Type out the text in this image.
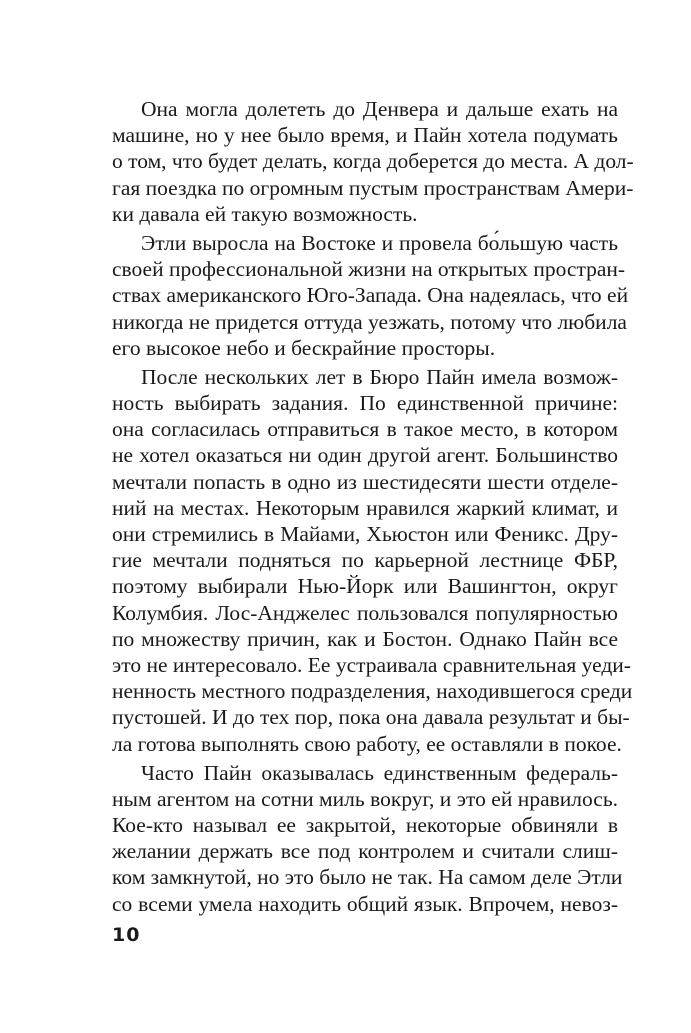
Она могла долететь до Денвера и дальше ехать на
машине, но у нее было время, и Пайн хотела подумать
о том, что будет делать, когда доберется до места. А дол-
гая поездка по огромным пустым пространствам Амери-
ки давала ей такую возможность.
Этли выросла на Востоке и провела бо́льшую часть
своей профессиональной жизни на открытых простран-
ствах американского Юго-Запада. Она надеялась, что ей
никогда не придется оттуда уезжать, потому что любила
его высокое небо и бескрайние просторы.
После нескольких лет в Бюро Пайн имела возмож-
ность выбирать задания. По единственной причине:
она согласилась отправиться в такое место, в котором
не хотел оказаться ни один другой агент. Большинство
мечтали попасть в одно из шестидесяти шести отделе-
ний на местах. Некоторым нравился жаркий климат, и
они стремились в Майами, Хьюстон или Феникс. Дру-
гие мечтали подняться по карьерной лестнице ФБР,
поэтому выбирали Нью-Йорк или Вашингтон, округ
Колумбия. Лос-Анджелес пользовался популярностью
по множеству причин, как и Бостон. Однако Пайн все
это не интересовало. Ее устраивала сравнительная уеди-
ненность местного подразделения, находившегося среди
пустошей. И до тех пор, пока она давала результат и бы-
ла готова выполнять свою работу, ее оставляли в покое.
Часто Пайн оказывалась единственным федераль-
ным агентом на сотни миль вокруг, и это ей нравилось.
Кое-кто называл ее закрытой, некоторые обвиняли в
желании держать все под контролем и считали слиш-
ком замкнутой, но это было не так. На самом деле Этли
со всеми умела находить общий язык. Впрочем, невоз-
10
